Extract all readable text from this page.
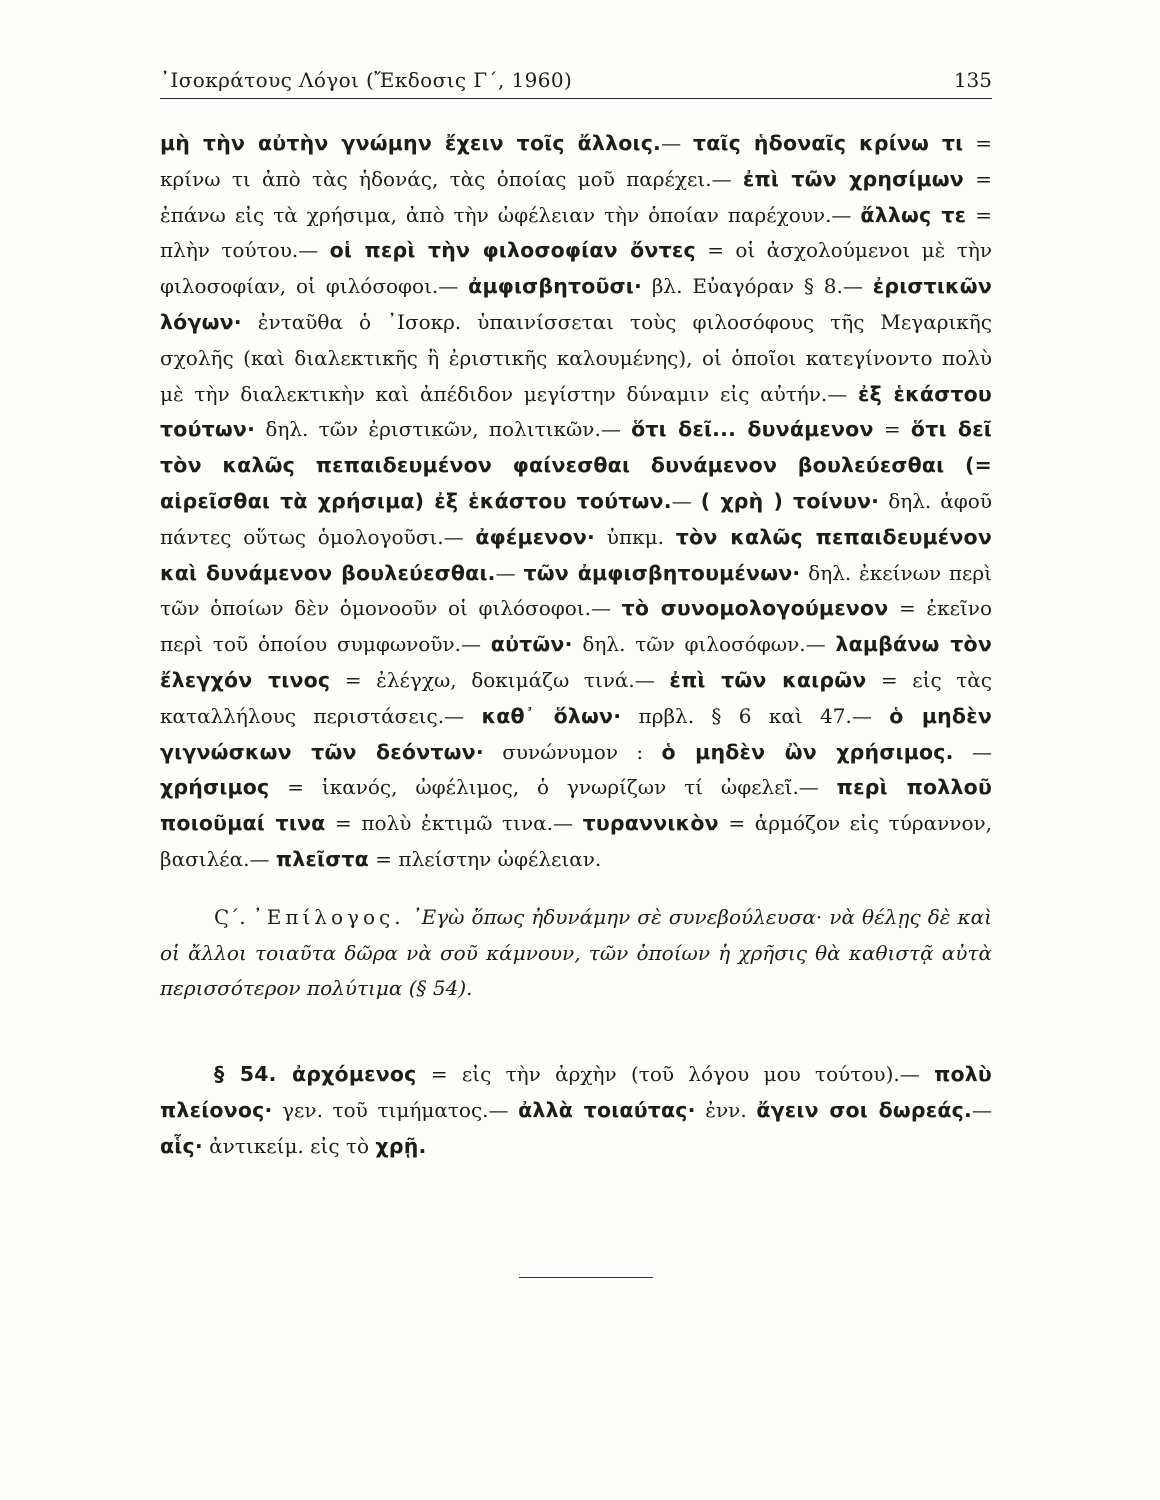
᾿Ισοκράτους Λόγοι (Ἔκδοσις Γ΄, 1960)	135

μὴ τὴν αὐτὴν γνώμην ἔχειν τοῖς ἄλλοις.— ταῖς ἡδοναῖς κρίνω τι = κρίνω τι ἀπὸ τὰς ἡδονάς, τὰς ὁποίας μοῦ παρέχει.— ἐπὶ τῶν χρησίμων = ἐπάνω εἰς τὰ χρήσιμα, ἀπὸ τὴν ὠφέλειαν τὴν ὁποίαν παρέχουν.— ἄλλως τε = πλὴν τούτου.— οἱ περὶ τὴν φιλοσοφίαν ὄντες = οἱ ἀσχολούμενοι μὲ τὴν φιλοσοφίαν, οἱ φιλόσοφοι.— ἀμφισβητοῦσι· βλ. Εὐαγόραν § 8.— ἐριστικῶν λόγων· ἐνταῦθα ὁ ᾿Ισοκρ. ὑπαινίσσεται τοὺς φιλοσόφους τῆς Μεγαρικῆς σχολῆς (καὶ διαλεκτικῆς ἢ ἐριστικῆς καλουμένης), οἱ ὁποῖοι κατεγίνοντο πολὺ μὲ τὴν διαλεκτικὴν καὶ ἀπέδιδον μεγίστην δύναμιν εἰς αὐτήν.— ἐξ ἑκάστου τούτων· δηλ. τῶν ἐριστικῶν, πολιτικῶν.— ὅτι δεῖ... δυνάμενον = ὅτι δεῖ τὸν καλῶς πεπαιδευμένον φαίνεσθαι δυνάμενον βουλεύεσθαι (= αἱρεῖσθαι τὰ χρήσιμα) ἐξ ἑκάστου τούτων.— ( χρὴ ) τοίνυν· δηλ. ἀφοῦ πάντες οὕτως ὁμολογοῦσι.— ἀφέμενον· ὑπκμ. τὸν καλῶς πεπαιδευμένον καὶ δυνάμενον βουλεύεσθαι.— τῶν ἀμφισβητουμένων· δηλ. ἐκείνων περὶ τῶν ὁποίων δὲν ὁμονοοῦν οἱ φιλόσοφοι.— τὸ συνομολογούμενον = ἐκεῖνο περὶ τοῦ ὁποίου συμφωνοῦν.— αὐτῶν· δηλ. τῶν φιλοσόφων.— λαμβάνω τὸν ἔλεγχόν τινος = ἐλέγχω, δοκιμάζω τινά.— ἐπὶ τῶν καιρῶν = εἰς τὰς καταλλήλους περιστάσεις.— καθ᾿ ὅλων· πρβλ. § 6 καὶ 47.— ὁ μηδὲν γιγνώσκων τῶν δεόντων· συνώνυμον : ὁ μηδὲν ὢν χρήσιμος. — χρήσιμος = ἱκανός, ὠφέλιμος, ὁ γνωρίζων τί ὠφελεῖ.— περὶ πολλοῦ ποιοῦμαί τινα = πολὺ ἐκτιμῶ τινα.— τυραννικὸν = ἁρμόζον εἰς τύραννον, βασιλέα.— πλεῖστα = πλείστην ὠφέλειαν.

Ϛ΄. ᾿Επίλογος. ᾿Εγὼ ὅπως ἠδυνάμην σὲ συνεβούλευσα· νὰ θέλῃς δὲ καὶ οἱ ἄλλοι τοιαῦτα δῶρα νὰ σοῦ κάμνουν, τῶν ὁποίων ἡ χρῆσις θὰ καθιστᾷ αὐτὰ περισσότερον πολύτιμα (§ 54).

§ 54. ἀρχόμενος = εἰς τὴν ἀρχὴν (τοῦ λόγου μου τούτου).— πολὺ πλείονος· γεν. τοῦ τιμήματος.— ἀλλὰ τοιαύτας· ἐνν. ἄγειν σοι δωρεάς.— αἷς· ἀντικείμ. εἰς τὸ χρῇ.
